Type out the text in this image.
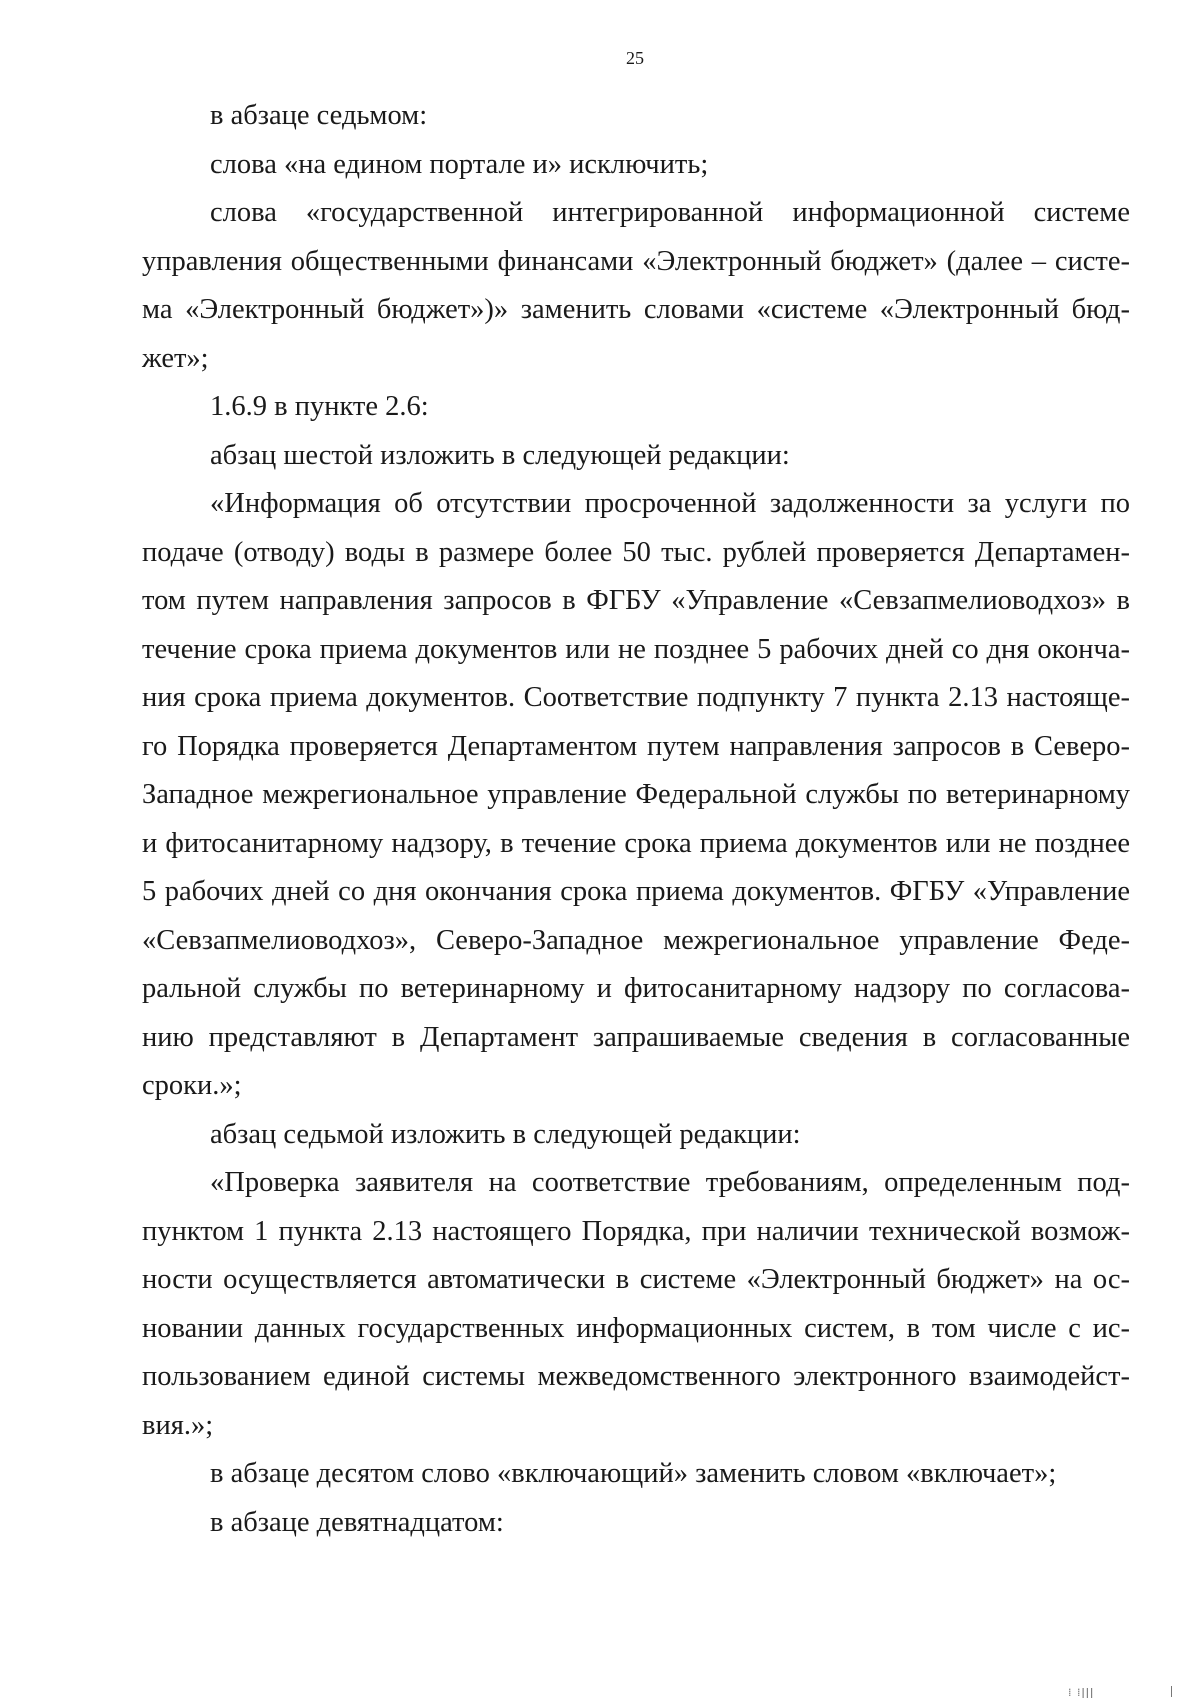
25

в абзаце седьмом:

слова «на едином портале и» исключить;

слова «государственной интегрированной информационной системе управления общественными финансами «Электронный бюджет» (далее – система «Электронный бюджет»)» заменить словами «системе «Электронный бюджет»;

1.6.9 в пункте 2.6:

абзац шестой изложить в следующей редакции:

«Информация об отсутствии просроченной задолженности за услуги по подаче (отводу) воды в размере более 50 тыс. рублей проверяется Департаментом путем направления запросов в ФГБУ «Управление «Севзапмелиоводхоз» в течение срока приема документов или не позднее 5 рабочих дней со дня окончания срока приема документов. Соответствие подпункту 7 пункта 2.13 настоящего Порядка проверяется Департаментом путем направления запросов в Северо-Западное межрегиональное управление Федеральной службы по ветеринарному и фитосанитарному надзору, в течение срока приема документов или не позднее 5 рабочих дней со дня окончания срока приема документов. ФГБУ «Управление «Севзапмелиоводхоз», Северо-Западное межрегиональное управление Федеральной службы по ветеринарному и фитосанитарному надзору по согласованию представляют в Департамент запрашиваемые сведения в согласованные сроки.»;

абзац седьмой изложить в следующей редакции:

«Проверка заявителя на соответствие требованиям, определенным подпунктом 1 пункта 2.13 настоящего Порядка, при наличии технической возможности осуществляется автоматически в системе «Электронный бюджет» на основании данных государственных информационных систем, в том числе с использованием единой системы межведомственного электронного взаимодействия.»;

в абзаце десятом слово «включающий» заменить словом «включает»;

в абзаце девятнадцатом:

⁞ ⁞ǀǀǀ
